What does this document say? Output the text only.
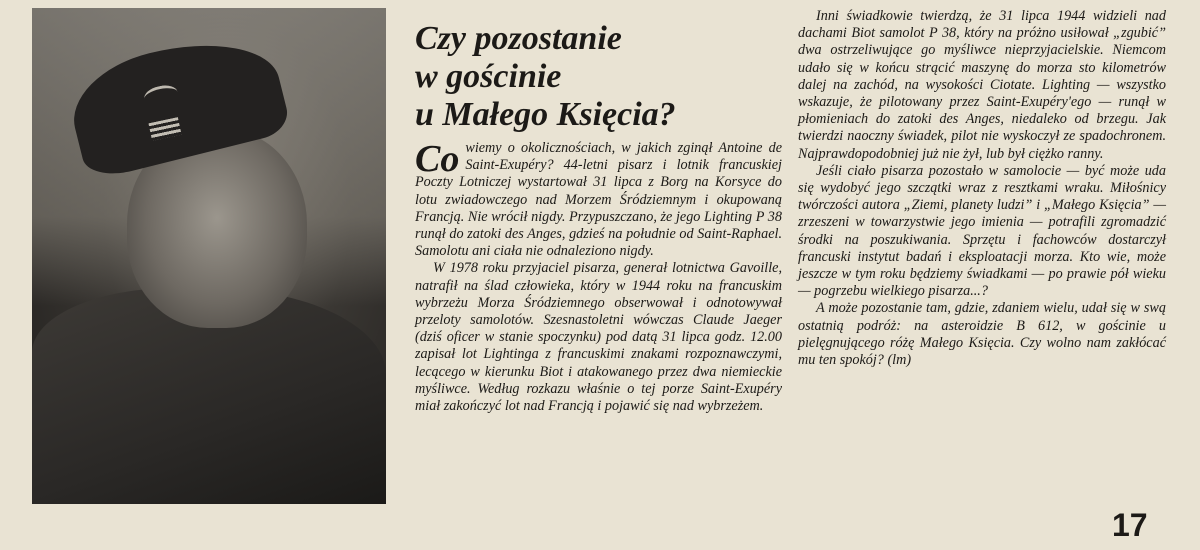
Czy pozostanie
w gościnie
u Małego Księcia?

Co wiemy o okolicznościach, w jakich zginął Antoine de Saint-Exupéry? 44-letni pisarz i lotnik francuskiej Poczty Lotniczej wystartował 31 lipca z Borg na Korsyce do lotu zwiadowczego nad Morzem Śródziemnym i okupowaną Francją. Nie wrócił nigdy. Przypuszczano, że jego Lighting P 38 runął do zatoki des Anges, gdzieś na południe od Saint-Raphael. Samolotu ani ciała nie odnaleziono nigdy.

W 1978 roku przyjaciel pisarza, generał lotnictwa Gavoille, natrafił na ślad człowieka, który w 1944 roku na francuskim wybrzeżu Morza Śródziemnego obserwował i odnotowywał przeloty samolotów. Szesnastoletni wówczas Claude Jaeger (dziś oficer w stanie spoczynku) pod datą 31 lipca godz. 12.00 zapisał lot Lightinga z francuskimi znakami rozpoznawczymi, lecącego w kierunku Biot i atakowanego przez dwa niemieckie myśliwce. Według rozkazu właśnie o tej porze Saint-Exupéry miał zakończyć lot nad Francją i pojawić się nad wybrzeżem.

Inni świadkowie twierdzą, że 31 lipca 1944 widzieli nad dachami Biot samolot P 38, który na próżno usiłował „zgubić” dwa ostrzeliwujące go myśliwce nieprzyjacielskie. Niemcom udało się w końcu strącić maszynę do morza sto kilometrów dalej na zachód, na wysokości Ciotate. Lighting — wszystko wskazuje, że pilotowany przez Saint-Exupéry'ego — runął w płomieniach do zatoki des Anges, niedaleko od brzegu. Jak twierdzi naoczny świadek, pilot nie wyskoczył ze spadochronem. Najprawdopodobniej już nie żył, lub był ciężko ranny.

Jeśli ciało pisarza pozostało w samolocie — być może uda się wydobyć jego szczątki wraz z resztkami wraku. Miłośnicy twórczości autora „Ziemi, planety ludzi” i „Małego Księcia” — zrzeszeni w towarzystwie jego imienia — potrafili zgromadzić środki na poszukiwania. Sprzętu i fachowców dostarczył francuski instytut badań i eksploatacji morza. Kto wie, może jeszcze w tym roku będziemy świadkami — po prawie pół wieku — pogrzebu wielkiego pisarza...?

A może pozostanie tam, gdzie, zdaniem wielu, udał się w swą ostatnią podróż: na asteroidzie B 612, w gościnie u pielęgnującego różę Małego Księcia. Czy wolno nam zakłócać mu ten spokój? (lm)

17
